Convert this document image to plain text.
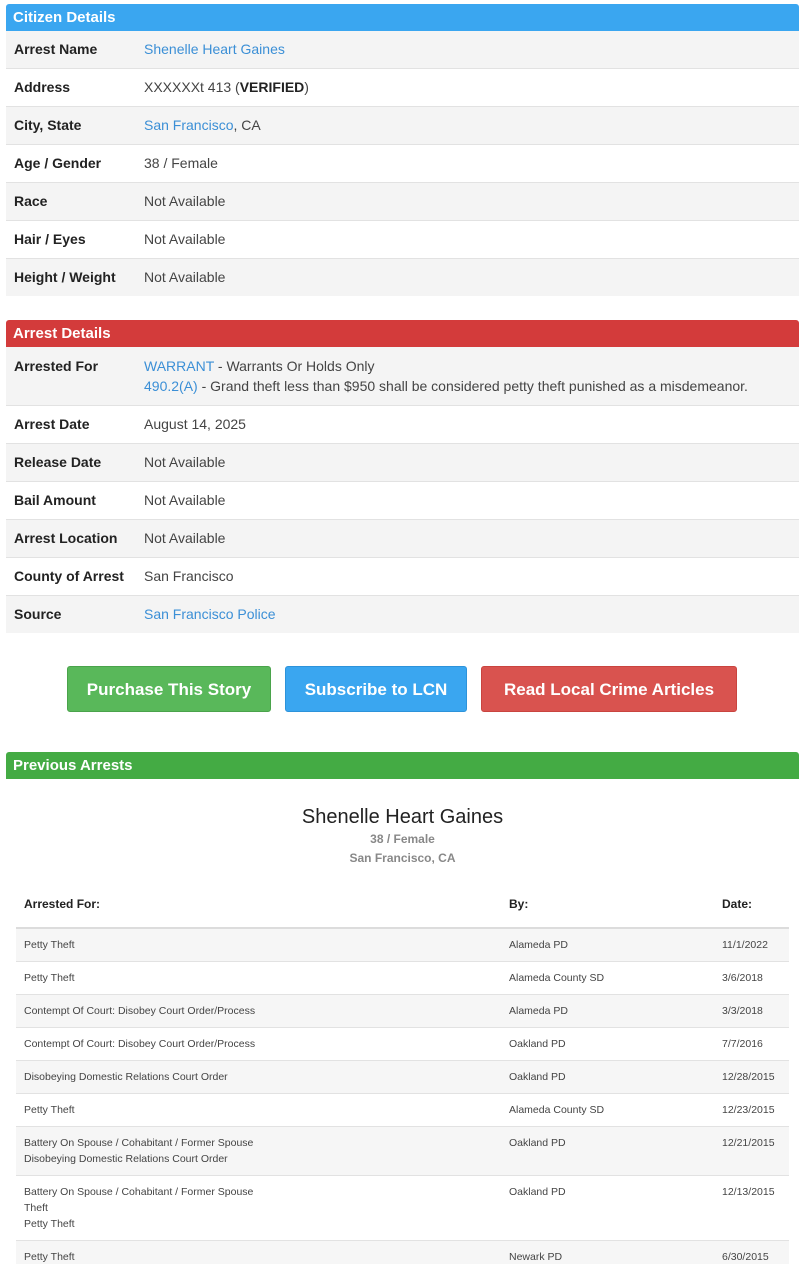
Citizen Details
Arrest Name	Shenelle Heart Gaines
Address	XXXXXXt 413 (VERIFIED)
City, State	San Francisco, CA
Age / Gender	38 / Female
Race	Not Available
Hair / Eyes	Not Available
Height / Weight	Not Available
Arrest Details
Arrested For	WARRANT - Warrants Or Holds Only
490.2(A) - Grand theft less than $950 shall be considered petty theft punished as a misdemeanor.

Arrest Date	August 14, 2025
Release Date	Not Available
Bail Amount	Not Available
Arrest Location	Not Available
County of Arrest	San Francisco
Source	San Francisco Police
Purchase This Story	Subscribe to LCN	Read Local Crime Articles
Previous Arrests
Shenelle Heart Gaines
38 / Female
San Francisco, CA
Arrested For:	By:	Date:

Petty Theft	Alameda PD	11/1/2022

Petty Theft	Alameda County SD	3/6/2018

Contempt Of Court: Disobey Court Order/Process	Alameda PD	3/3/2018

Contempt Of Court: Disobey Court Order/Process	Oakland PD	7/7/2016

Disobeying Domestic Relations Court Order	Oakland PD	12/28/2015

Petty Theft	Alameda County SD	12/23/2015

Battery On Spouse / Cohabitant / Former Spouse
Disobeying Domestic Relations Court Order	Oakland PD	12/21/2015

Battery On Spouse / Cohabitant / Former Spouse
Theft
Petty Theft	Oakland PD	12/13/2015

Petty Theft	Newark PD	6/30/2015
